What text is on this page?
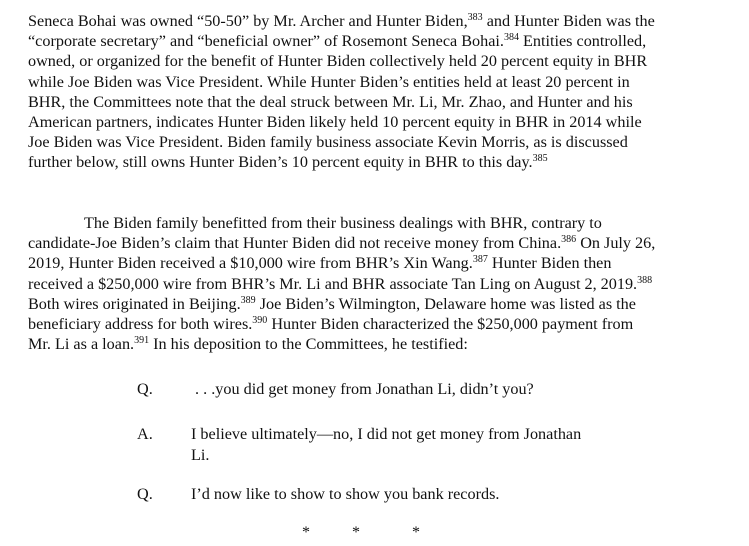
Seneca Bohai was owned “50-50” by Mr. Archer and Hunter Biden,$^{383}$ and Hunter Biden was the
“corporate secretary” and “beneficial owner” of Rosemont Seneca Bohai.$^{384}$ Entities controlled,
owned, or organized for the benefit of Hunter Biden collectively held 20 percent equity in BHR
while Joe Biden was Vice President. While Hunter Biden’s entities held at least 20 percent in
BHR, the Committees note that the deal struck between Mr. Li, Mr. Zhao, and Hunter and his
American partners, indicates Hunter Biden likely held 10 percent equity in BHR in 2014 while
Joe Biden was Vice President. Biden family business associate Kevin Morris, as is discussed
further below, still owns Hunter Biden’s 10 percent equity in BHR to this day.$^{385}$

The Biden family benefitted from their business dealings with BHR, contrary to
candidate-Joe Biden’s claim that Hunter Biden did not receive money from China.$^{386}$ On July 26,
2019, Hunter Biden received a $10,000 wire from BHR’s Xin Wang.$^{387}$ Hunter Biden then
received a $250,000 wire from BHR’s Mr. Li and BHR associate Tan Ling on August 2, 2019.$^{388}$
Both wires originated in Beijing.$^{389}$ Joe Biden’s Wilmington, Delaware home was listed as the
beneficiary address for both wires.$^{390}$ Hunter Biden characterized the $250,000 payment from
Mr. Li as a loan.$^{391}$ In his deposition to the Committees, he testified:

Q.  . . .you did get money from Jonathan Li, didn’t you?
A. I believe ultimately—no, I did not get money from Jonathan
Li.
Q. I’d now like to show to show you bank records.
*	*	*
